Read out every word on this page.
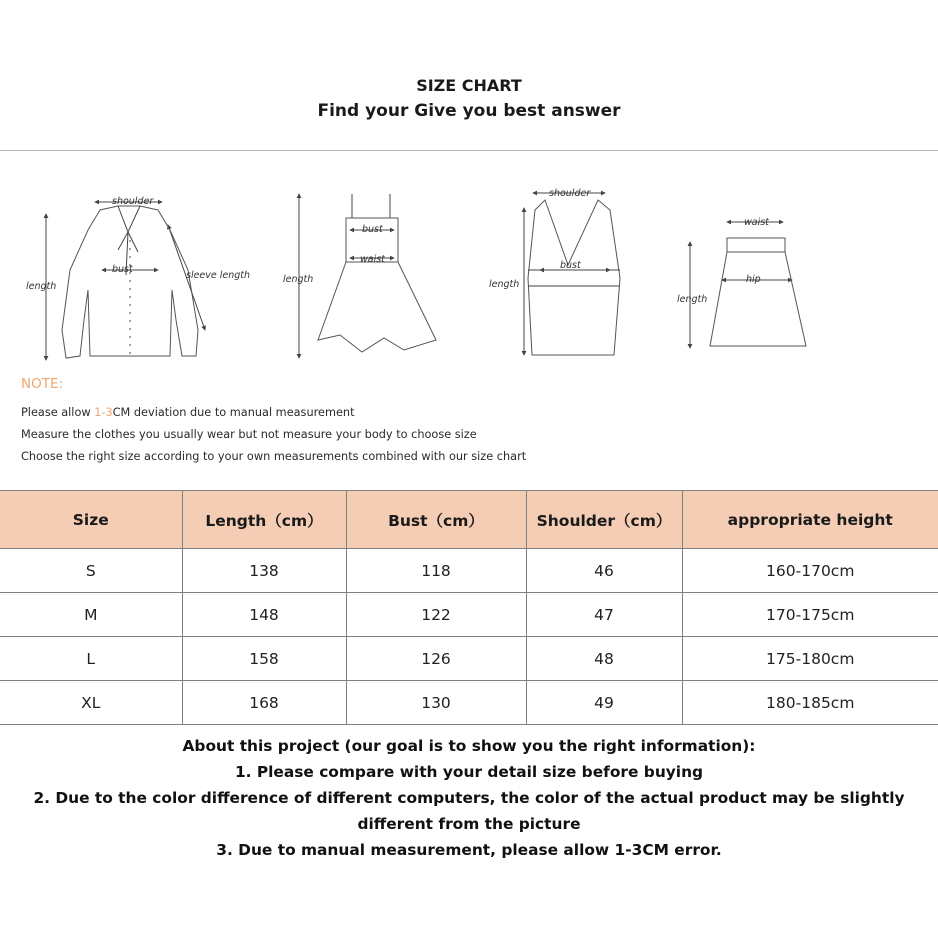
SIZE CHART
Find your Give you best answer
shoulder
bust
length
sleeve length
bust
waist
length
shoulder
bust
length
waist
hip
length
NOTE:
Please allow 1-3CM deviation due to manual measurement
Measure the clothes you usually wear but not measure your body to choose size
Choose the right size according to your own measurements combined with our size chart
Size	Length（cm）	Bust（cm）	Shoulder（cm）	appropriate height
S	138	118	46	160-170cm
M	148	122	47	170-175cm
L	158	126	48	175-180cm
XL	168	130	49	180-185cm
About this project (our goal is to show you the right information):
1. Please compare with your detail size before buying
2. Due to the color difference of different computers, the color of the actual product may be slightly
different from the picture
3. Due to manual measurement, please allow 1-3CM error.
